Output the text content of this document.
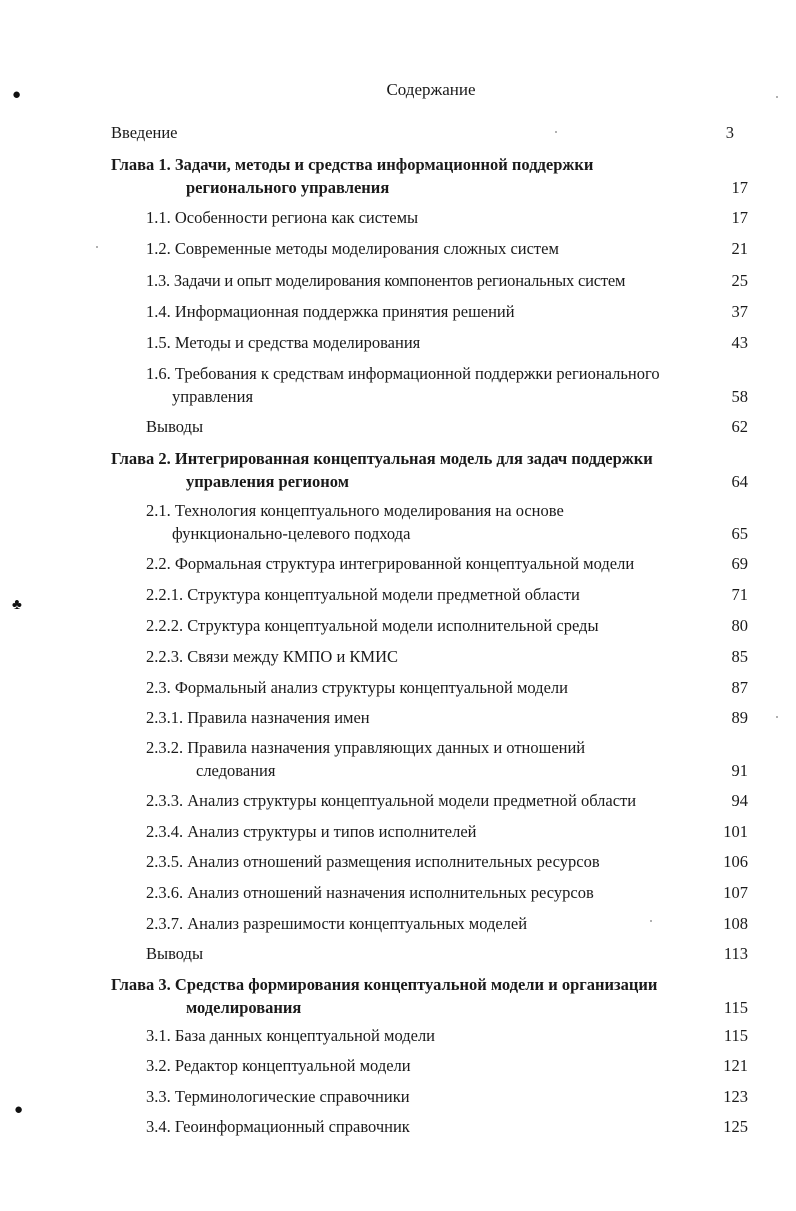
●
♣
●
Содержание
Введение	3
Глава 1. Задачи, методы и средства информационной поддержки
регионального управления	17
1.1. Особенности региона как системы	17
1.2. Современные методы моделирования сложных систем	21
1.3. Задачи и опыт моделирования компонентов региональных систем	25
1.4. Информационная поддержка принятия решений	37
1.5. Методы и средства моделирования	43
1.6. Требования к средствам информационной поддержки регионального
управления	58
Выводы	62
Глава 2. Интегрированная концептуальная модель для задач поддержки
управления регионом	64
2.1. Технология концептуального моделирования на основе
функционально-целевого подхода	65
2.2. Формальная структура интегрированной концептуальной модели	69
2.2.1. Структура концептуальной модели предметной области	71
2.2.2. Структура концептуальной модели исполнительной среды	80
2.2.3. Связи между КМПО и КМИС	85
2.3. Формальный анализ структуры концептуальной модели	87
2.3.1. Правила назначения имен	89
2.3.2. Правила назначения управляющих данных и отношений
следования	91
2.3.3. Анализ структуры концептуальной модели предметной области	94
2.3.4. Анализ структуры и типов исполнителей	101
2.3.5. Анализ отношений размещения исполнительных ресурсов	106
2.3.6. Анализ отношений назначения исполнительных ресурсов	107
2.3.7. Анализ разрешимости концептуальных моделей	108
Выводы	113
Глава 3. Средства формирования концептуальной модели и организации
моделирования	115
3.1. База данных концептуальной модели	115
3.2. Редактор концептуальной модели	121
3.3. Терминологические справочники	123
3.4. Геоинформационный справочник	125
